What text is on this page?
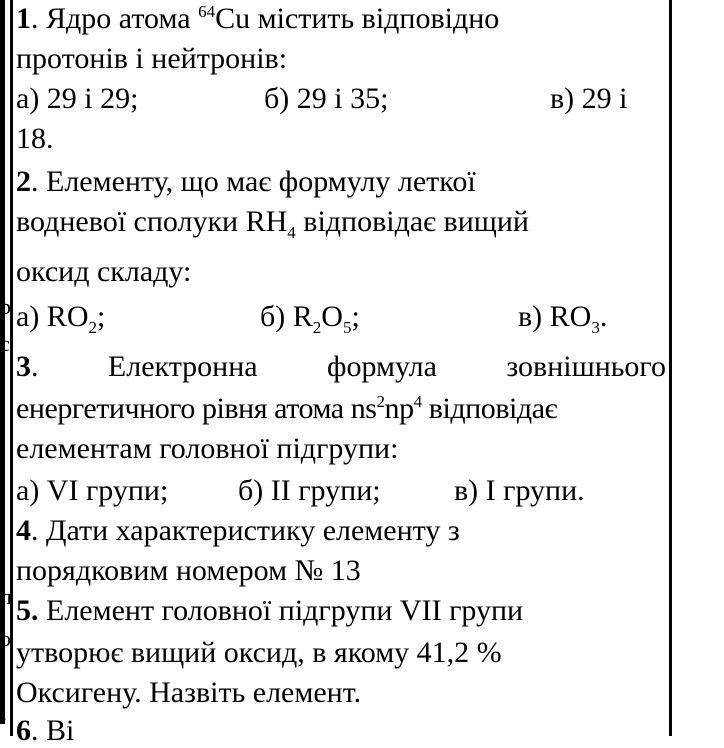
р
с
п
о
і
1. Ядро атома $^{64}$Cu містить відповідно
протонів і нейтронів:
а) 29 і 29;	б) 29 і 35;	в) 29 і
18.
2. Елементу, що має формулу леткої
водневої сполуки $RH_4$ відповідає вищий
оксид складу:
а) $RO_2$;	б) $R_2O_5$;	в) $RO_3$.
3. Електронна формула зовнішнього
енергетичного рівня атома $ns^2np^4$ відповідає
елементам головної підгрупи:
а) VI групи; б) II групи; в) I групи.
4. Дати характеристику елементу з
порядковим номером № 13
5. Елемент головної підгрупи VII групи
утворює вищий оксид, в якому 41,2 %
Оксигену. Назвіть елемент.
6. Ві
